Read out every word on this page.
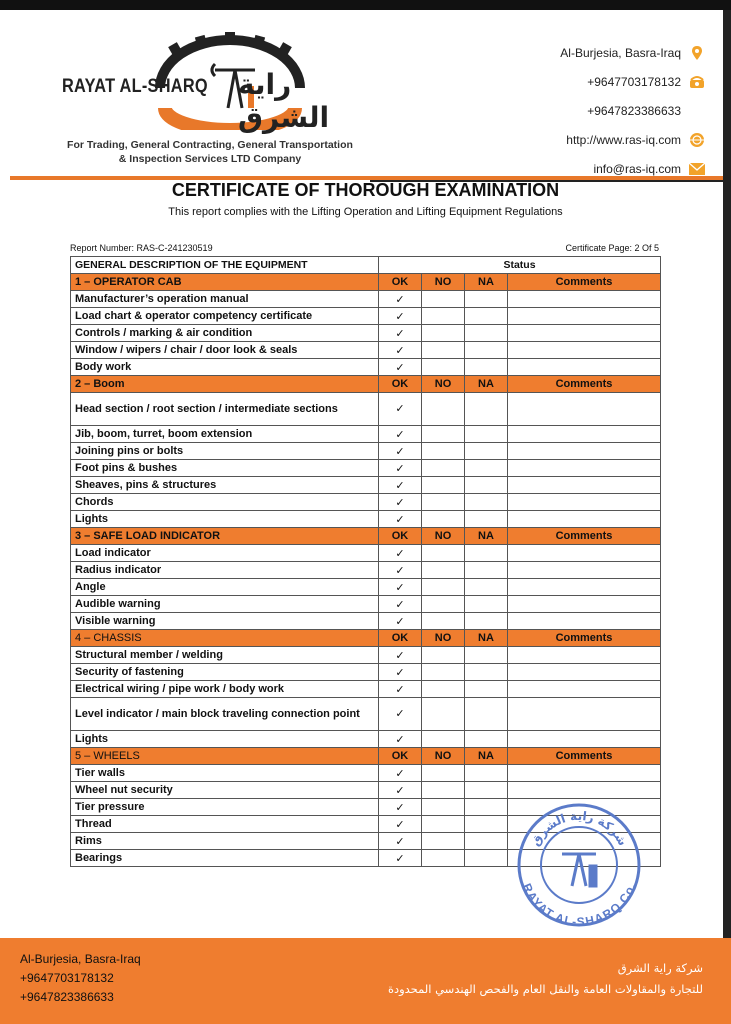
RAYAT AL-SHARQ راية الشرق
For Trading, General Contracting, General Transportation
& Inspection Services LTD Company
Al-Burjesia, Basra-Iraq
+9647703178132
+9647823386633
http://www.ras-iq.com
info@ras-iq.com
CERTIFICATE OF THOROUGH EXAMINATION
This report complies with the Lifting Operation and Lifting Equipment Regulations
Report Number: RAS-C-241230519	Certificate Page: 2 Of 5
GENERAL DESCRIPTION OF THE EQUIPMENT	Status			
1 – OPERATOR CAB	OK	NO	NA	Comments
Manufacturer’s operation manual	✓			
Load chart & operator competency certificate	✓			
Controls / marking & air condition	✓			
Window / wipers / chair / door look & seals	✓			
Body work	✓			
2 – Boom	OK	NO	NA	Comments
Head section / root section / intermediate sections	✓			
Jib, boom, turret, boom extension	✓			
Joining pins or bolts	✓			
Foot pins & bushes	✓			
Sheaves, pins & structures	✓			
Chords	✓			
Lights	✓			
3 – SAFE LOAD INDICATOR	OK	NO	NA	Comments
Load indicator	✓			
Radius indicator	✓			
Angle	✓			
Audible warning	✓			
Visible warning	✓			
4 – CHASSIS	OK	NO	NA	Comments
Structural member / welding	✓			
Security of fastening	✓			
Electrical wiring / pipe work / body work	✓			
Level indicator / main block traveling connection point	✓			
Lights	✓			
5 – WHEELS	OK	NO	NA	Comments
Tier walls	✓			
Wheel nut security	✓			
Tier pressure	✓			
Thread	✓			
Rims	✓			
Bearings	✓			
شركة راية الشرق
RAYAT AL-SHARQ Co.
Al-Burjesia, Basra-Iraq
+9647703178132
+9647823386633
شركة راية الشرق
للتجارة والمقاولات العامة والنقل العام والفحص الهندسي المحدودة
